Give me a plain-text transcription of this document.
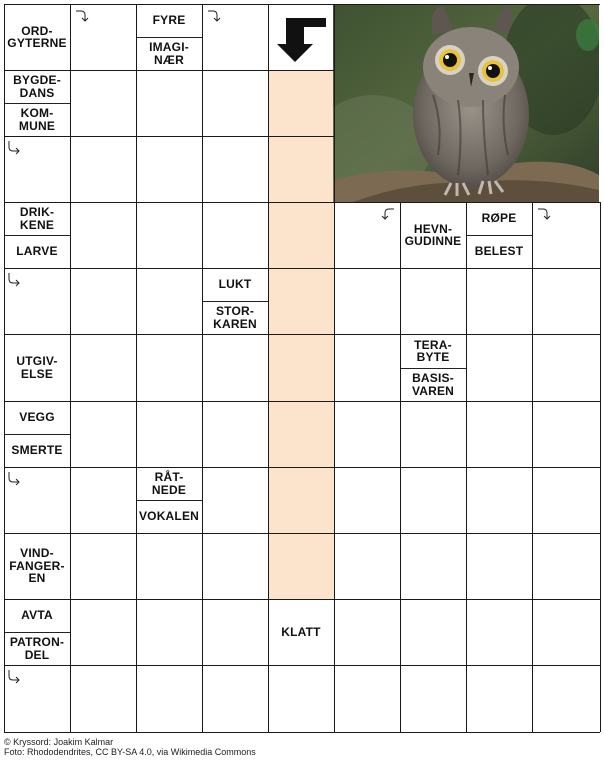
ORD-
GYTERNE
FYRE
IMAGI-
NÆR
BYGDE-
DANS
KOM-
MUNE
DRIK-
KENE
LARVE
HEVN-
GUDINNE
RØPE
BELEST
LUKT
STOR-
KAREN
UTGIV-
ELSE
TERA-
BYTE
BASIS-
VAREN
VEGG
SMERTE
RÅT-
NEDE
VOKALEN
VIND-
FANGER-
EN
AVTA
PATRON-
DEL
KLATT
© Kryssord: Joakim Kalmar
Foto: Rhododendrites, CC BY-SA 4.0, via Wikimedia Commons
